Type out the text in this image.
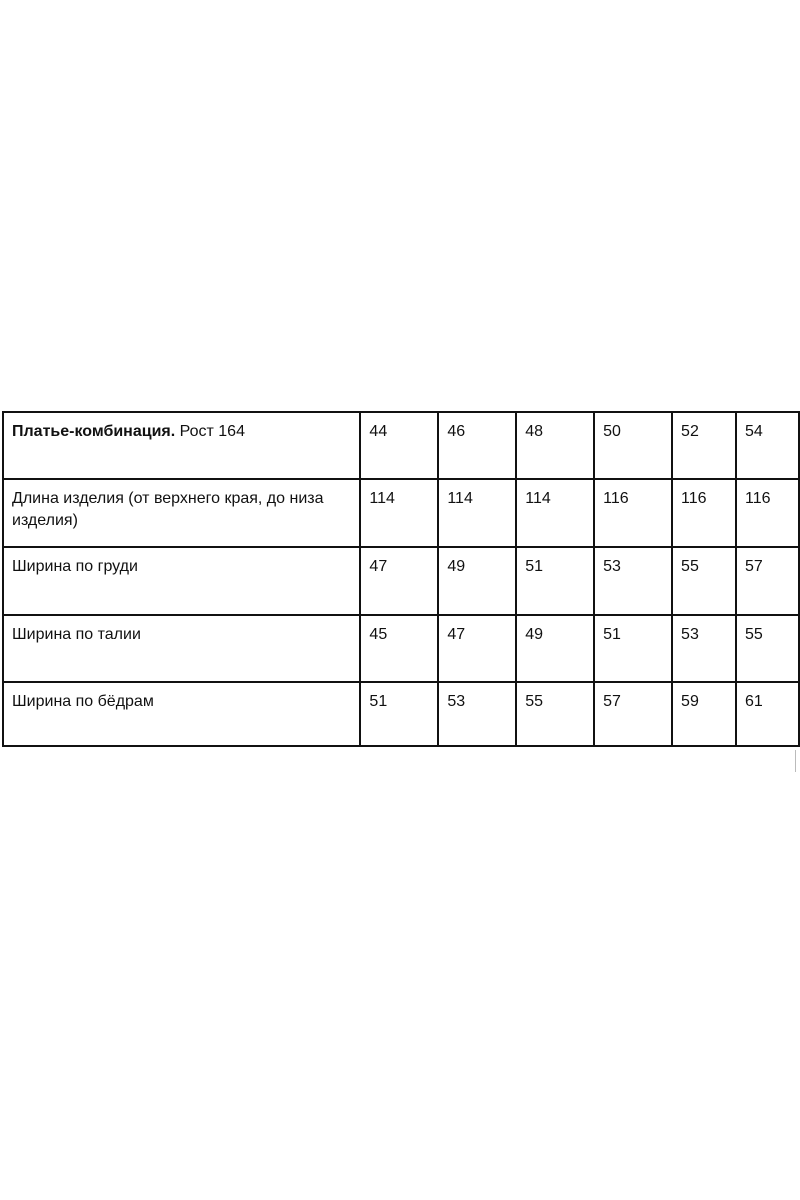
Платье-комбинация. Рост 164	44	46	48	50	52	54
Длина изделия (от верхнего края, до низа изделия)	114	114	114	116	116	116
Ширина по груди	47	49	51	53	55	57
Ширина по талии	45	47	49	51	53	55
Ширина по бёдрам	51	53	55	57	59	61
